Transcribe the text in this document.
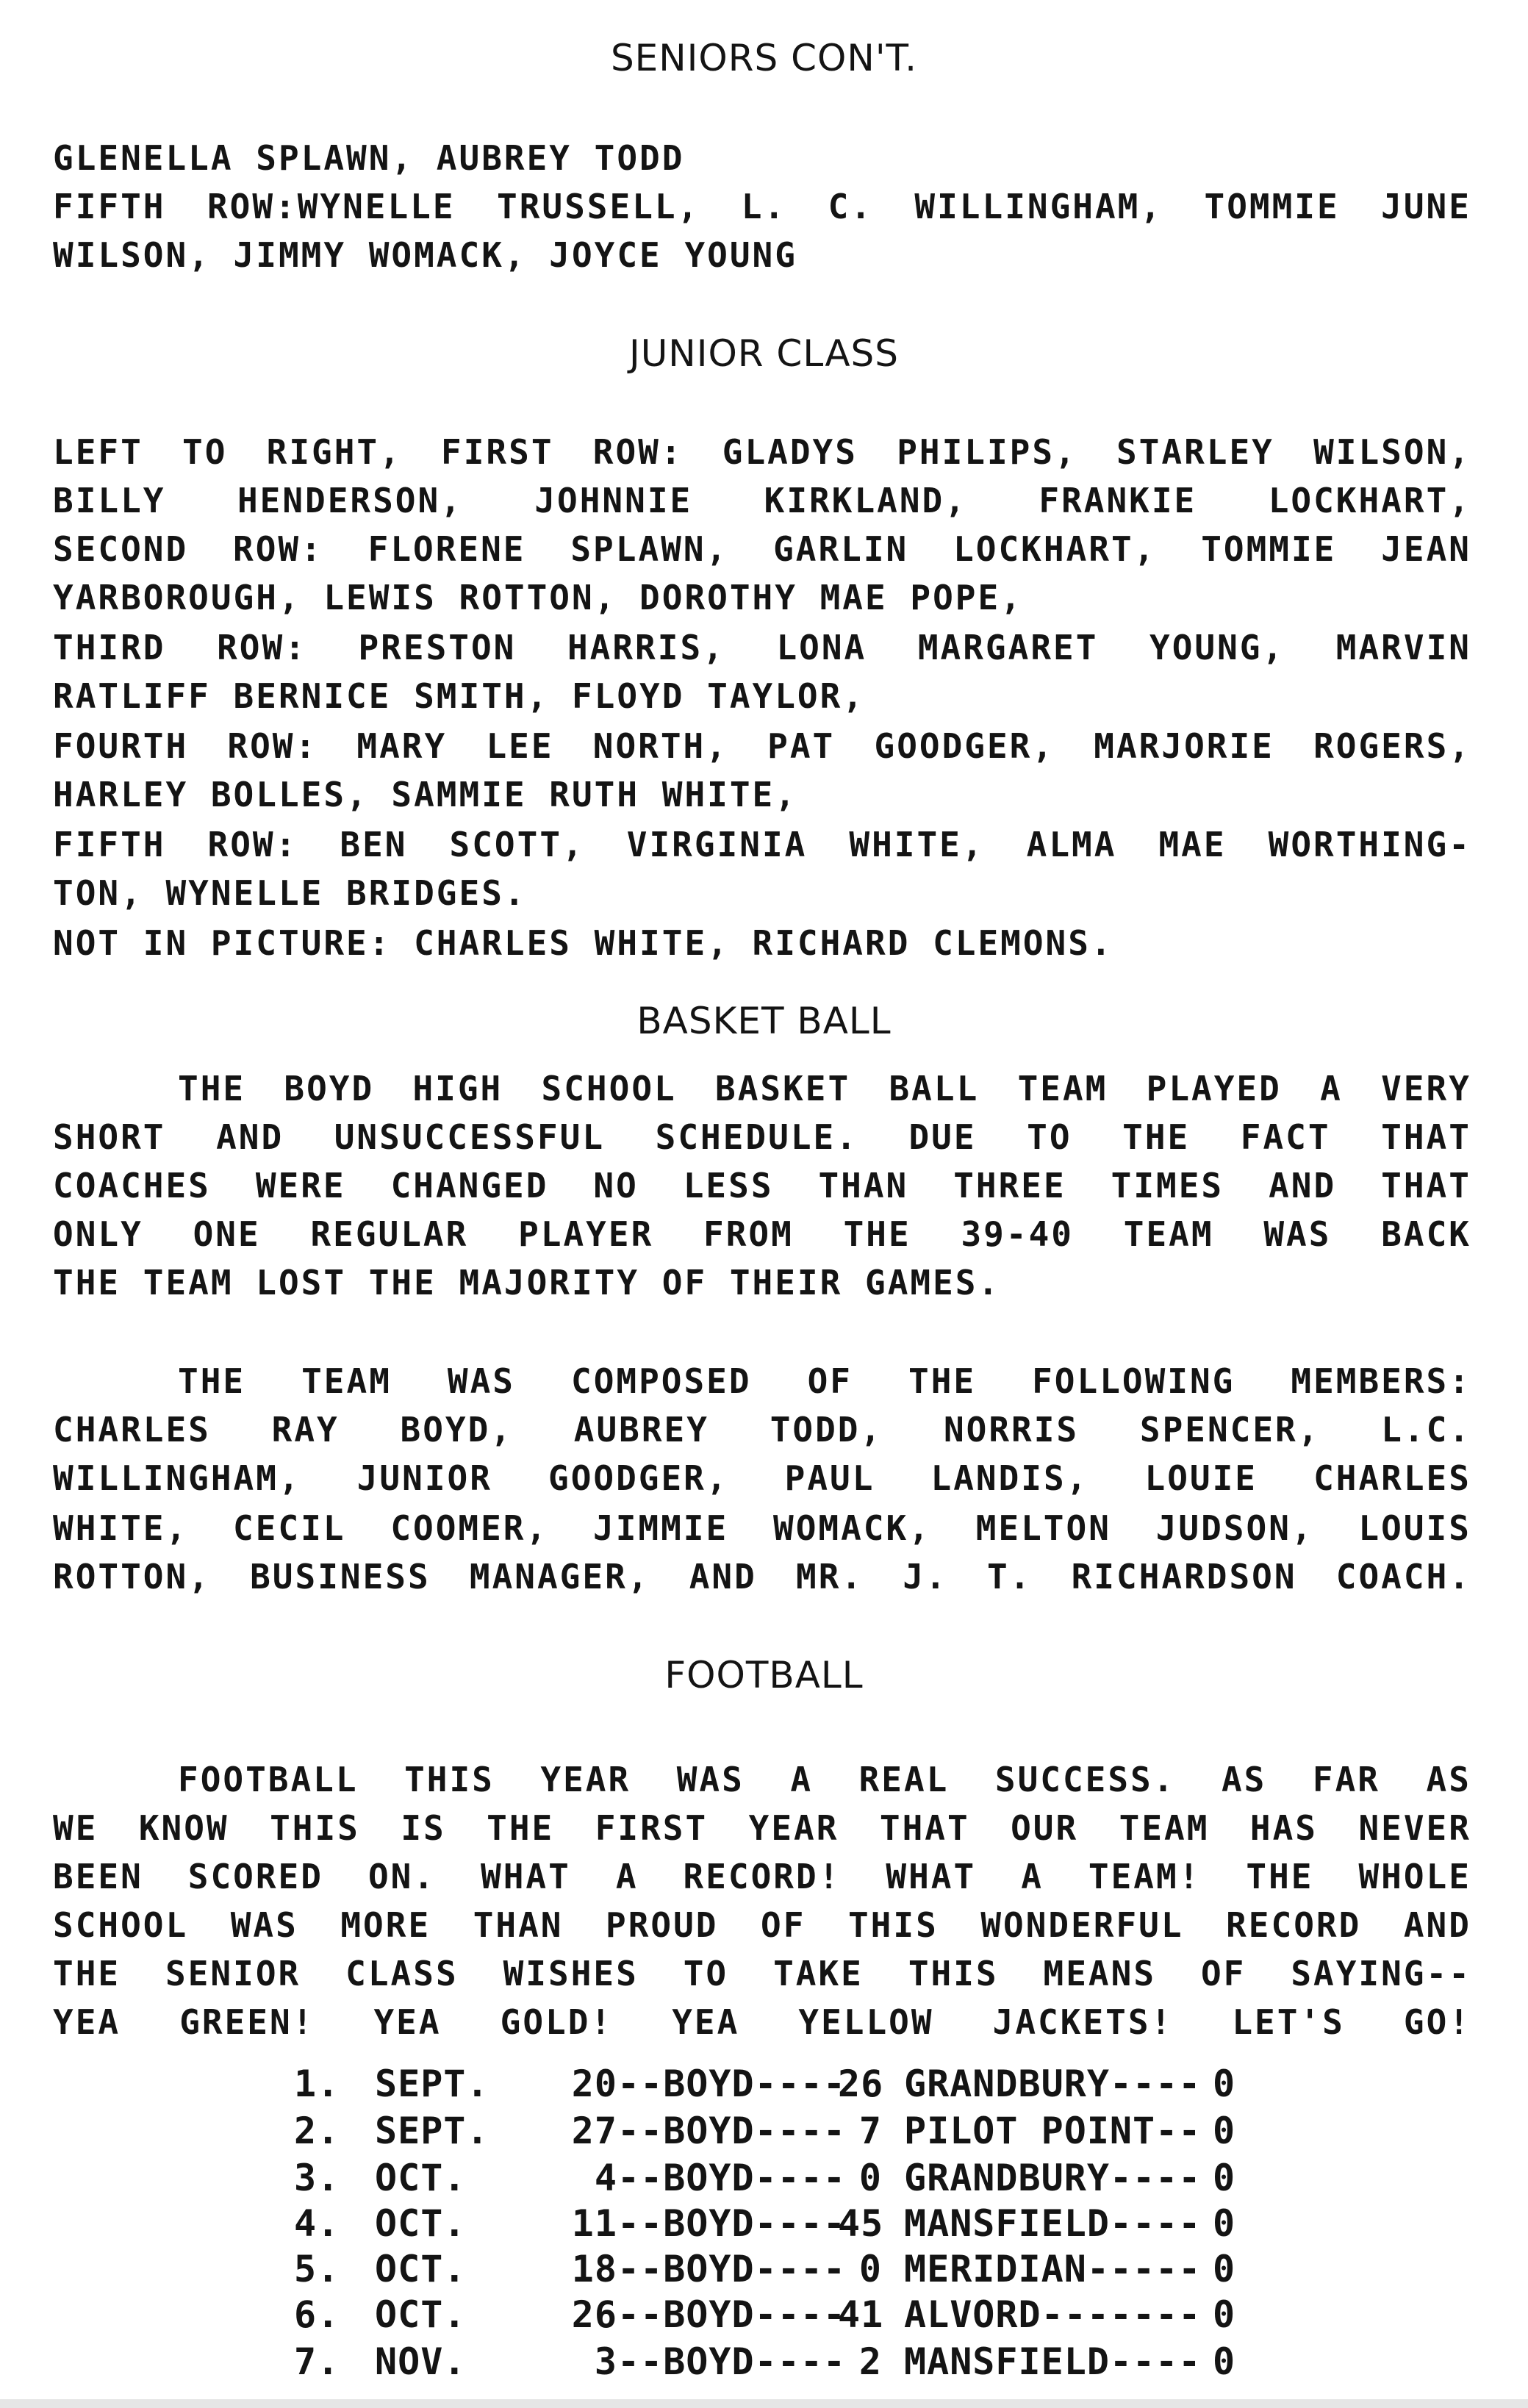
SENIORS CON'T.
GLENELLA SPLAWN, AUBREY TODD
FIFTH ROW:WYNELLE TRUSSELL, L. C. WILLINGHAM, TOMMIE JUNE
WILSON, JIMMY WOMACK, JOYCE YOUNG
JUNIOR CLASS
LEFT TO RIGHT, FIRST ROW: GLADYS PHILIPS, STARLEY WILSON,
BILLY HENDERSON, JOHNNIE KIRKLAND, FRANKIE LOCKHART,
SECOND ROW: FLORENE SPLAWN, GARLIN LOCKHART, TOMMIE JEAN
YARBOROUGH, LEWIS ROTTON, DOROTHY MAE POPE,
THIRD ROW: PRESTON HARRIS, LONA MARGARET YOUNG, MARVIN
RATLIFF BERNICE SMITH, FLOYD TAYLOR,
FOURTH ROW: MARY LEE NORTH, PAT GOODGER, MARJORIE ROGERS,
HARLEY BOLLES, SAMMIE RUTH WHITE,
FIFTH ROW: BEN SCOTT, VIRGINIA WHITE, ALMA MAE WORTHING-
TON, WYNELLE BRIDGES.
NOT IN PICTURE: CHARLES WHITE, RICHARD CLEMONS.
BASKET BALL
THE BOYD HIGH SCHOOL BASKET BALL TEAM PLAYED A VERY
SHORT AND UNSUCCESSFUL SCHEDULE. DUE TO THE FACT THAT
COACHES WERE CHANGED NO LESS THAN THREE TIMES AND THAT
ONLY ONE REGULAR PLAYER FROM THE 39-40 TEAM WAS BACK
THE TEAM LOST THE MAJORITY OF THEIR GAMES.
THE TEAM WAS COMPOSED OF THE FOLLOWING MEMBERS:
CHARLES RAY BOYD, AUBREY TODD, NORRIS SPENCER, L.C.
WILLINGHAM, JUNIOR GOODGER, PAUL LANDIS, LOUIE CHARLES
WHITE, CECIL COOMER, JIMMIE WOMACK, MELTON JUDSON, LOUIS
ROTTON, BUSINESS MANAGER, AND MR. J. T. RICHARDSON COACH.
FOOTBALL
FOOTBALL THIS YEAR WAS A REAL SUCCESS. AS FAR AS
WE KNOW THIS IS THE FIRST YEAR THAT OUR TEAM HAS NEVER
BEEN SCORED ON. WHAT A RECORD! WHAT A TEAM! THE WHOLE
SCHOOL WAS MORE THAN PROUD OF THIS WONDERFUL RECORD AND
THE SENIOR CLASS WISHES TO TAKE THIS MEANS OF SAYING--
YEA GREEN! YEA GOLD! YEA YELLOW JACKETS! LET'S GO!
1. SEPT. 20--BOYD----26 GRANDBURY---- 0
2. SEPT. 27--BOYD---- 7 PILOT POINT-- 0
3. OCT.	4--BOYD---- 0 GRANDBURY---- 0
4. OCT.	11--BOYD----45 MANSFIELD---- 0
5. OCT.	18--BOYD---- 0 MERIDIAN----- 0
6. OCT.	26--BOYD----41 ALVORD------- 0
7. NOV.	3--BOYD---- 2 MANSFIELD---- 0
